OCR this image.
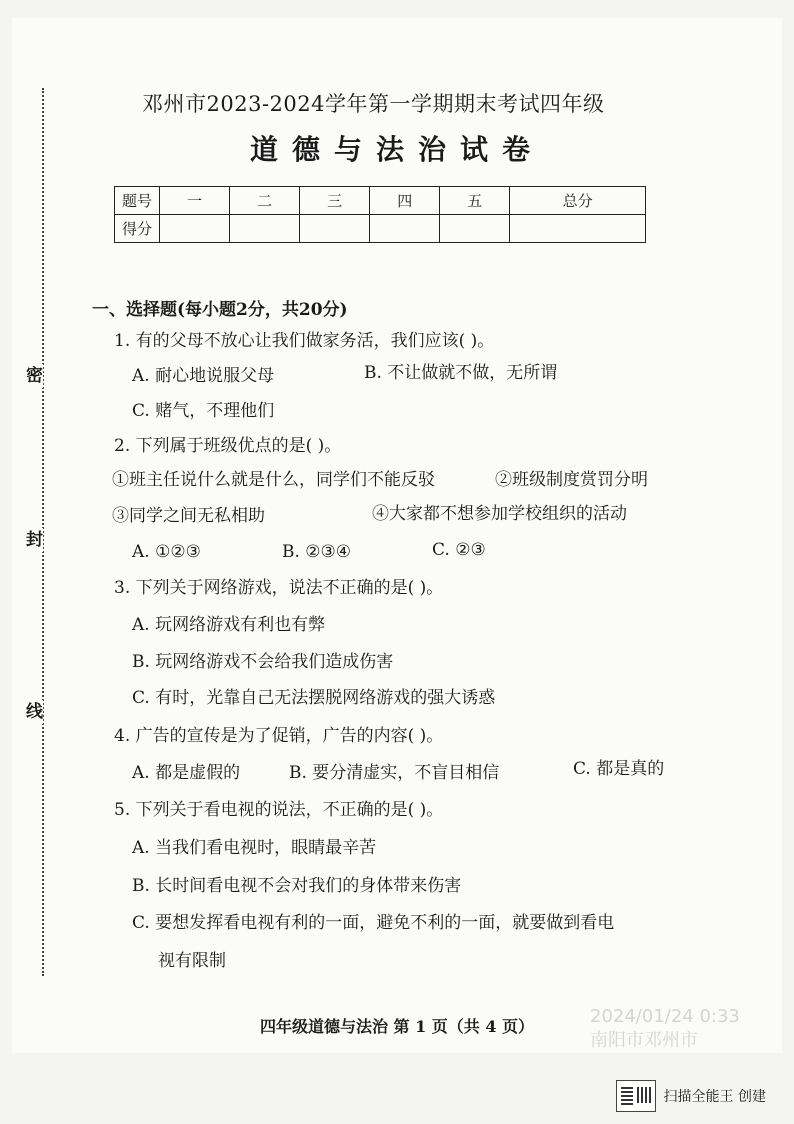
密
封
线
邓州市2023-2024学年第一学期期末考试四年级
道德与法治试卷
题号	一	二	三	四	五	总分
得分						
一、选择题(每小题2分，共20分)
1. 有的父母不放心让我们做家务活，我们应该( )。
A. 耐心地说服父母	B. 不让做就不做，无所谓
C. 赌气，不理他们
2. 下列属于班级优点的是( )。
①班主任说什么就是什么，同学们不能反驳	②班级制度赏罚分明
③同学之间无私相助	④大家都不想参加学校组织的活动
A. ①②③	B. ②③④	C. ②③
3. 下列关于网络游戏，说法不正确的是( )。
A. 玩网络游戏有利也有弊
B. 玩网络游戏不会给我们造成伤害
C. 有时，光靠自己无法摆脱网络游戏的强大诱惑
4. 广告的宣传是为了促销，广告的内容( )。
A. 都是虚假的	B. 要分清虚实，不盲目相信	C. 都是真的
5. 下列关于看电视的说法，不正确的是( )。
A. 当我们看电视时，眼睛最辛苦
B. 长时间看电视不会对我们的身体带来伤害
C. 要想发挥看电视有利的一面，避免不利的一面，就要做到看电
视有限制
四年级道德与法治 第 1 页（共 4 页）	2024/01/24 0:33
南阳市邓州市
扫描全能王 创建
